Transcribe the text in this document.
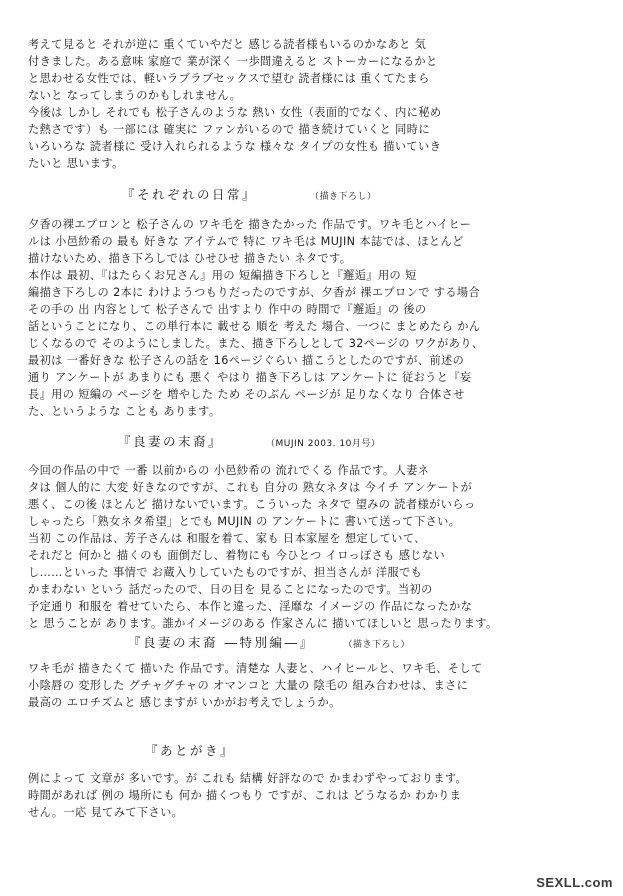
考えて見ると それが逆に 重くていやだと 感じる読者様もいるのかなあと 気
付きました。ある意味 家庭で 業が深く 一歩間違えると ストーカーになるかと
と思わせる女性では、軽いラブラブセックスで望む 読者様には 重くてたまら
ないと なってしまうのかもしれません。
今後は しかし それでも 松子さんのような 熱い 女性（表面的でなく、内に秘め
た熱さです）も 一部には 確実に ファンがいるので 描き続けていくと 同時に
いろいろな 読者様に 受け入れられるような 様々な タイプの女性も 描いていき
たいと 思います。
『それぞれの日常』	（描き下ろし）
夕香の裸エプロンと 松子さんの ワキ毛を 描きたかった 作品です。ワキ毛とハイヒー
ルは 小邑紗希の 最も 好きな アイテムで 特に ワキ毛は MUJIN 本誌では、ほとんど
描けないため、描き下ろしでは ひせひせ 描きたい ネタです。
本作は 最初、『はたらくお兄さん』用の 短編描き下ろしと『邂逅』用の 短
編描き下ろしの 2本に わけようつもりだったのですが、夕香が 裸エプロンで する場合
その手の 出 内容として 松子さんで 出すより 作中の 時間で『邂逅』の 後の
話ということになり、この単行本に 載せる 順を 考えた 場合、一つに まとめたら かん
じくなるので そのようにしました。また、描き下ろしとして 32ページの ワクがあり、
最初は 一番好きな 松子さんの話を 16ページぐらい 描こうとしたのですが、前述の
通り アンケートが あまりにも 悪く やはり 描き下ろしは アンケートに 従おうと『妄
長』用の 短編の ページを 増やした ため そのぶん ページが 足りなくなり 合体させ
た、というような ことも あります。
『良妻の末裔』	（MUJIN 2003. 10月号）
今回の作品の中で 一番 以前からの 小邑紗希の 流れでくる 作品です。人妻ネ
タは 個人的に 大変 好きなのですが、これも 自分の 熟女ネタは 今イチ アンケートが
悪く、この後 ほとんど 描けないでいます。こういった ネタで 望みの 読者様がいらっ
しゃったら「熟女ネタ希望」とでも MUJIN の アンケートに 書いて送って下さい。
当初 この作品は、芳子さんは 和服を着て、家も 日本家屋を 想定していて、
それだと 何かと 描くのも 面倒だし、着物にも 今ひとつ イロっぽさも 感じない
し……といった 事情で お蔵入りしていたものですが、担当さんが 洋服でも
かまわない という 話だったので、日の目を 見ることになったのです。当初の
予定通り 和服を 着せていたら、本作と違った、淫靡な イメージの 作品になったかな
と 思うことが あります。誰かイメージのある 作家さんに 描いてほしいと 思ったります。
『良妻の末裔 ―特別編―』	（描き下ろし）
ワキ毛が 描きたくて 描いた 作品です。清楚な 人妻と、ハイヒールと、ワキ毛、そして
小陰唇の 変形した グチャグチャの オマンコと 大量の 陰毛の 組み合わせは、まさに
最高の エロチズムと 感じますが いかがお考えでしょうか。
『あとがき』
例によって 文章が 多いです。が これも 結構 好評なので かまわずやっております。
時間があれば 例の 場所にも 何か 描くつもり ですが、これは どうなるか わかりま
せん。一応 見てみて下さい。
SEXLL.com
